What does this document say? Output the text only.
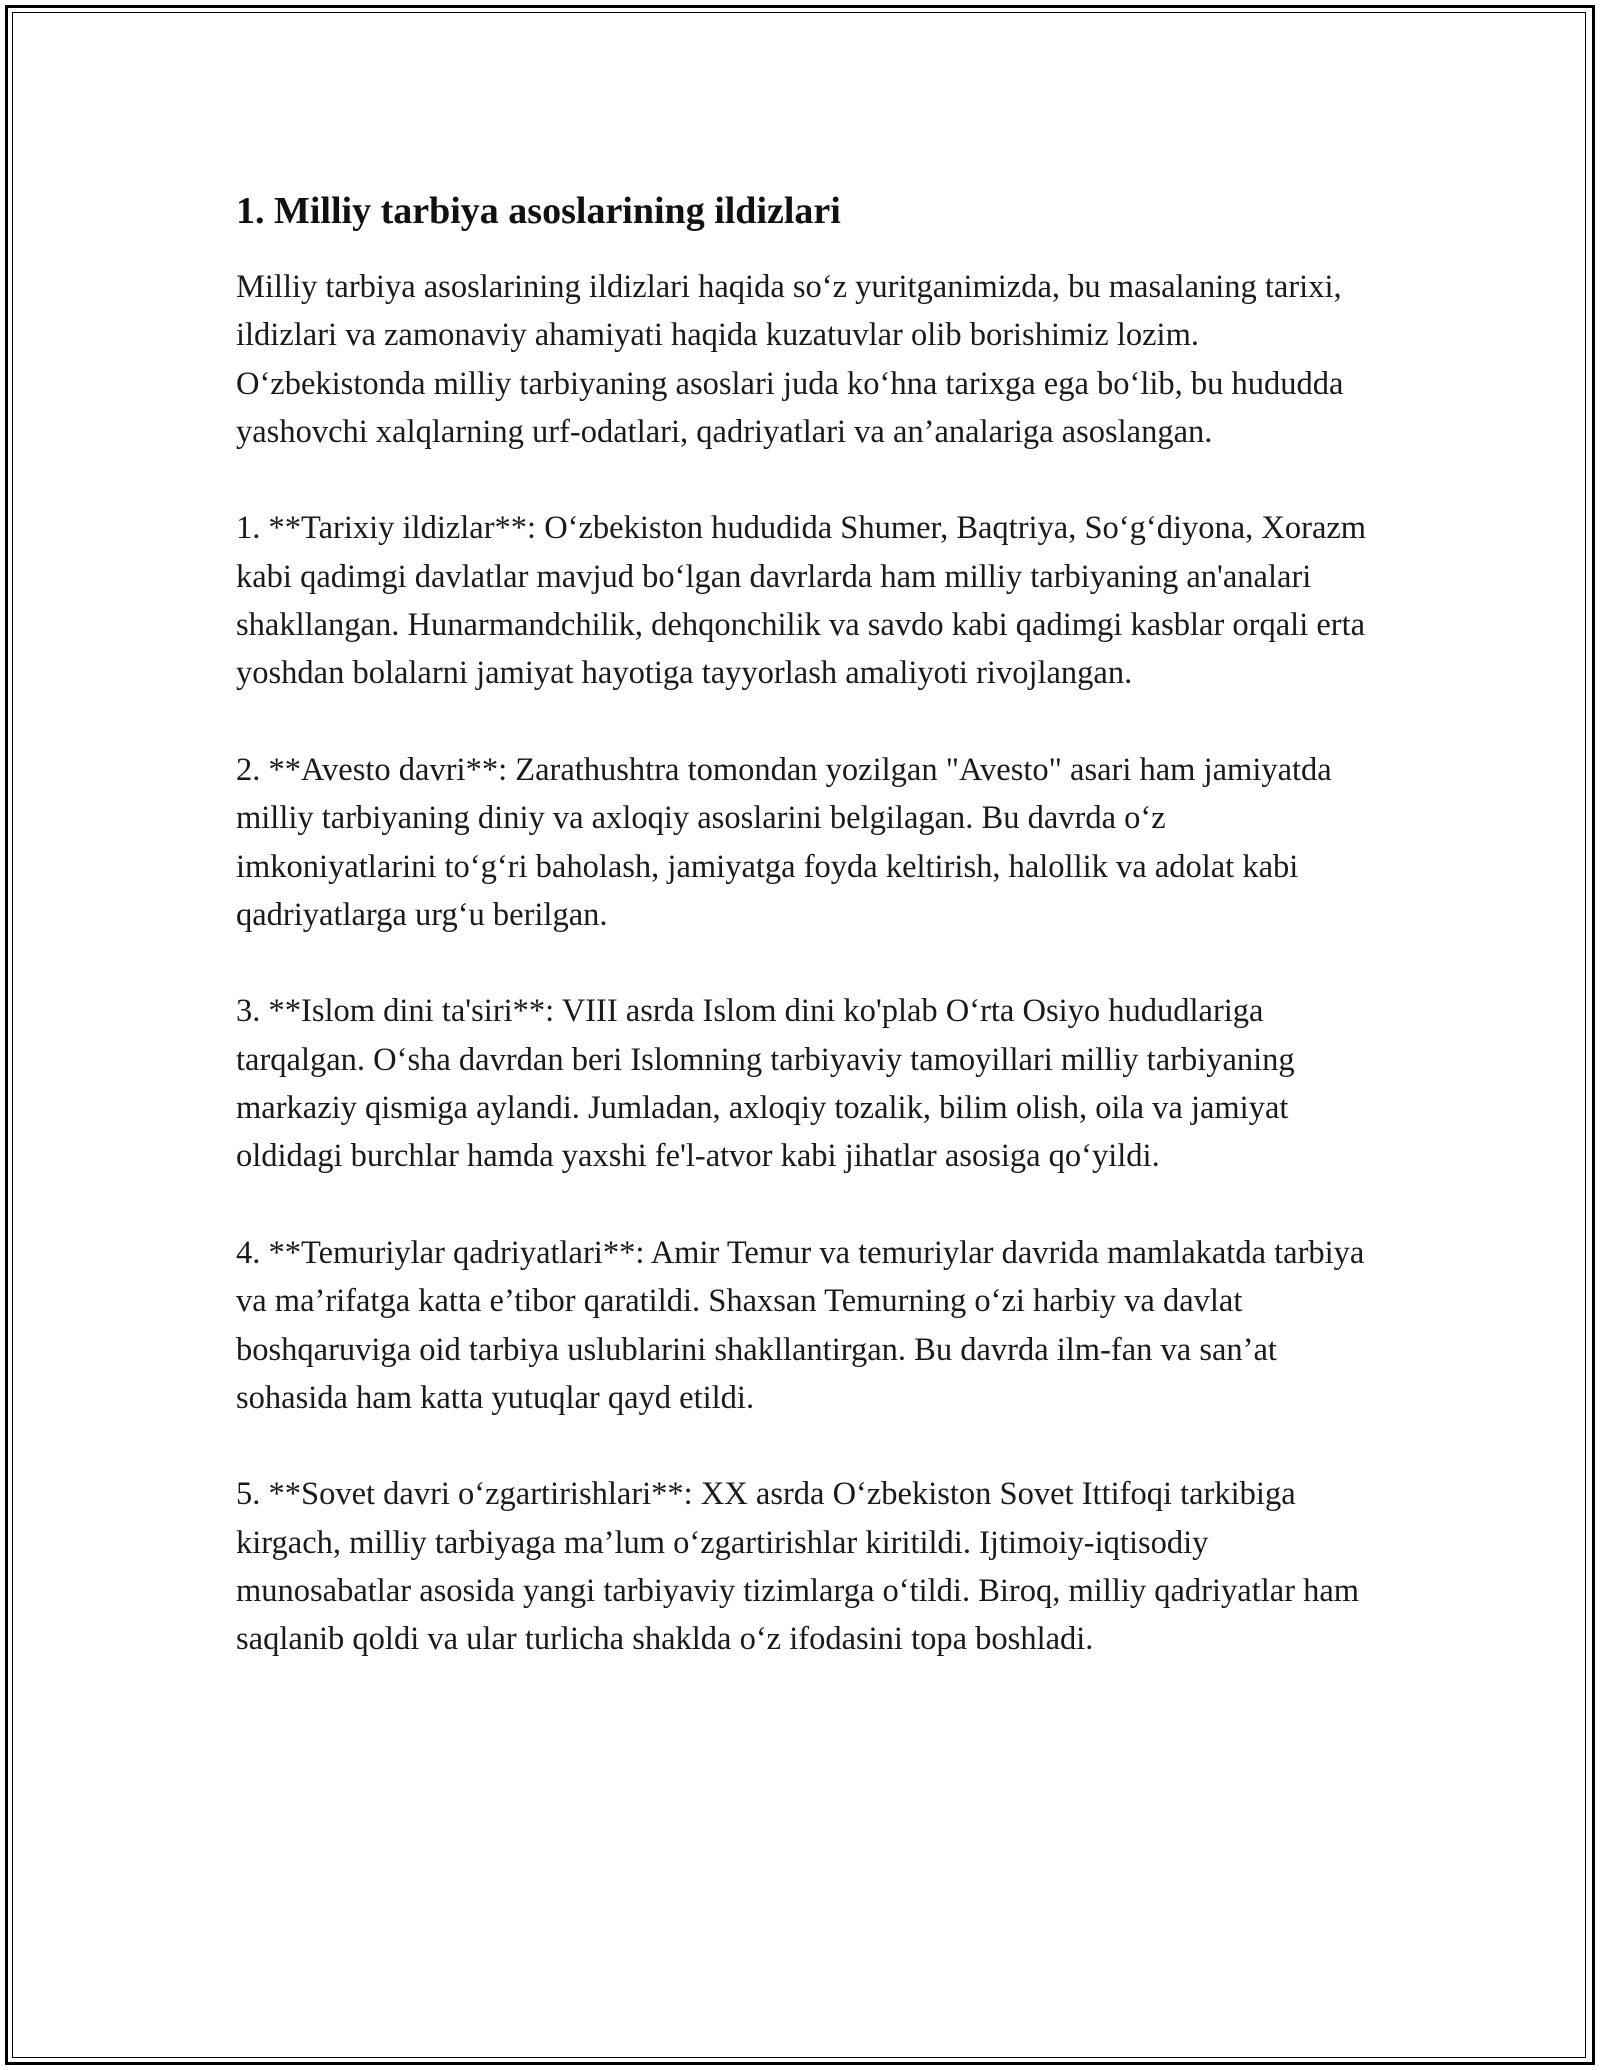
1. Milliy tarbiya asoslarining ildizlari

Milliy tarbiya asoslarining ildizlari haqida soʻz yuritganimizda, bu masalaning tarixi, ildizlari va zamonaviy ahamiyati haqida kuzatuvlar olib borishimiz lozim. Oʻzbekistonda milliy tarbiyaning asoslari juda koʻhna tarixga ega boʻlib, bu hududda yashovchi xalqlarning urf-odatlari, qadriyatlari va an’analariga asoslangan.

1. **Tarixiy ildizlar**: Oʻzbekiston hududida Shumer, Baqtriya, Soʻgʻdiyona, Xorazm kabi qadimgi davlatlar mavjud boʻlgan davrlarda ham milliy tarbiyaning an'analari shakllangan. Hunarmandchilik, dehqonchilik va savdo kabi qadimgi kasblar orqali erta yoshdan bolalarni jamiyat hayotiga tayyorlash amaliyoti rivojlangan.

2. **Avesto davri**: Zarathushtra tomondan yozilgan "Avesto" asari ham jamiyatda milliy tarbiyaning diniy va axloqiy asoslarini belgilagan. Bu davrda oʻz imkoniyatlarini toʻgʻri baholash, jamiyatga foyda keltirish, halollik va adolat kabi qadriyatlarga urgʻu berilgan.

3. **Islom dini ta'siri**: VIII asrda Islom dini ko'plab Oʻrta Osiyo hududlariga tarqalgan. Oʻsha davrdan beri Islomning tarbiyaviy tamoyillari milliy tarbiyaning markaziy qismiga aylandi. Jumladan, axloqiy tozalik, bilim olish, oila va jamiyat oldidagi burchlar hamda yaxshi fe'l-atvor kabi jihatlar asosiga qoʻyildi.

4. **Temuriylar qadriyatlari**: Amir Temur va temuriylar davrida mamlakatda tarbiya va ma’rifatga katta e’tibor qaratildi. Shaxsan Temurning oʻzi harbiy va davlat boshqaruviga oid tarbiya uslublarini shakllantirgan. Bu davrda ilm-fan va san’at sohasida ham katta yutuqlar qayd etildi.

5. **Sovet davri oʻzgartirishlari**: XX asrda Oʻzbekiston Sovet Ittifoqi tarkibiga kirgach, milliy tarbiyaga ma’lum oʻzgartirishlar kiritildi. Ijtimoiy-iqtisodiy munosabatlar asosida yangi tarbiyaviy tizimlarga oʻtildi. Biroq, milliy qadriyatlar ham saqlanib qoldi va ular turlicha shaklda oʻz ifodasini topa boshladi.
